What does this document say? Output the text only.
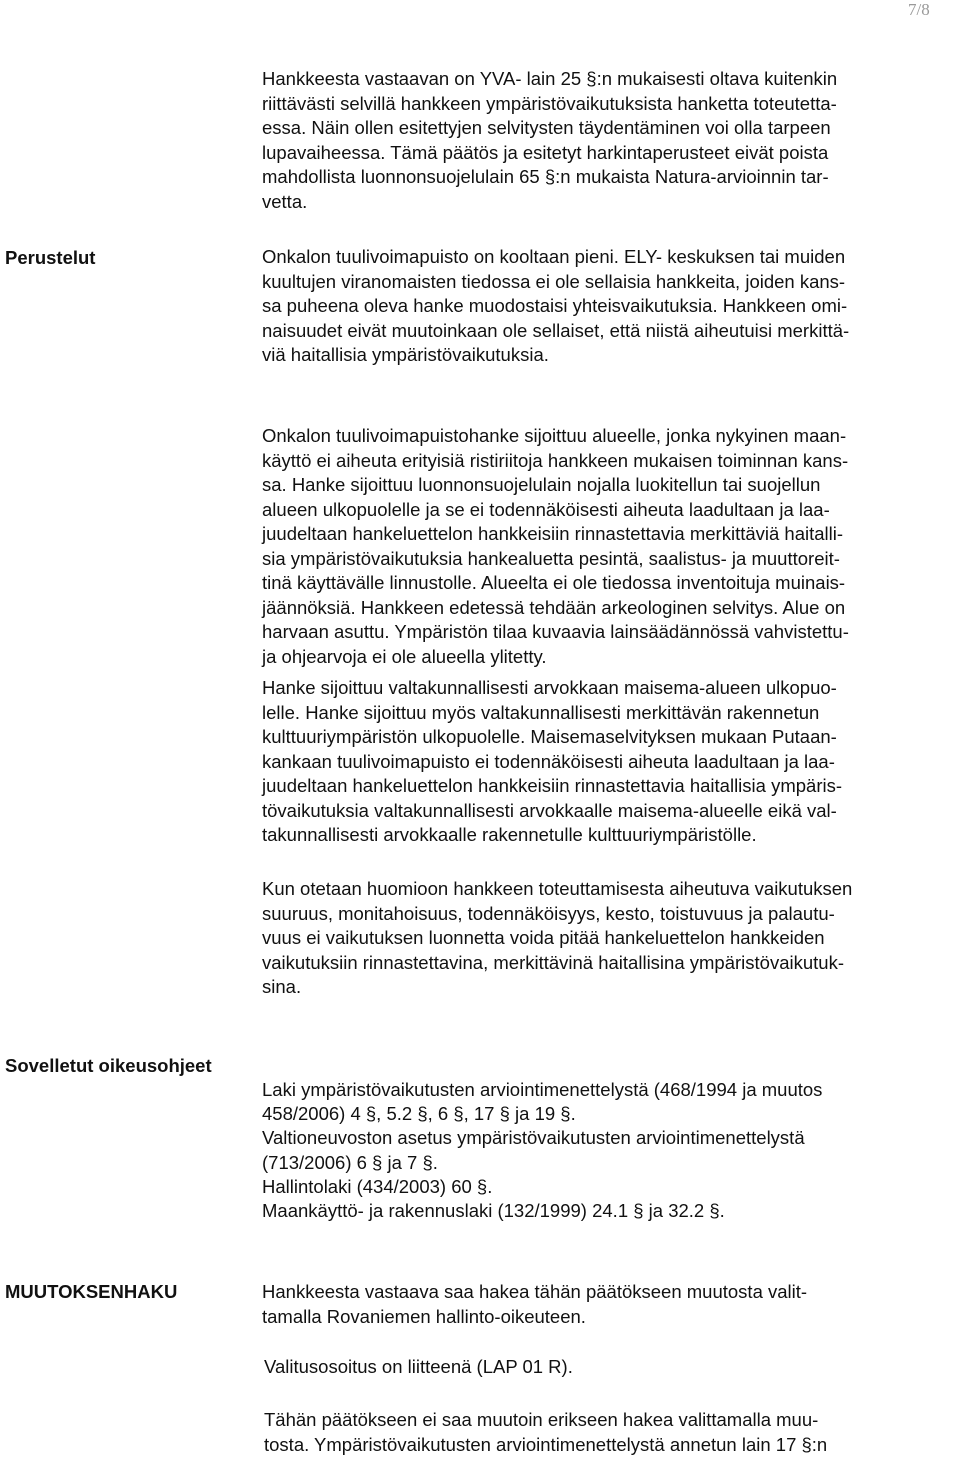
7/8
Hankkeesta vastaavan on YVA- lain 25 §:n mukaisesti oltava kuitenkin
riittävästi selvillä hankkeen ympäristövaikutuksista hanketta toteutetta-
essa. Näin ollen esitettyjen selvitysten täydentäminen voi olla tarpeen
lupavaiheessa. Tämä päätös ja esitetyt harkintaperusteet eivät poista
mahdollista luonnonsuojelulain 65 §:n mukaista Natura-arvioinnin tar-
vetta.
Perustelut	Onkalon tuulivoimapuisto on kooltaan pieni. ELY- keskuksen tai muiden
kuultujen viranomaisten tiedossa ei ole sellaisia hankkeita, joiden kans-
sa puheena oleva hanke muodostaisi yhteisvaikutuksia. Hankkeen omi-
naisuudet eivät muutoinkaan ole sellaiset, että niistä aiheutuisi merkittä-
viä haitallisia ympäristövaikutuksia.
Onkalon tuulivoimapuistohanke sijoittuu alueelle, jonka nykyinen maan-
käyttö ei aiheuta erityisiä ristiriitoja hankkeen mukaisen toiminnan kans-
sa. Hanke sijoittuu luonnonsuojelulain nojalla luokitellun tai suojellun
alueen ulkopuolelle ja se ei todennäköisesti aiheuta laadultaan ja laa-
juudeltaan hankeluettelon hankkeisiin rinnastettavia merkittäviä haitalli-
sia ympäristövaikutuksia hankealuetta pesintä, saalistus- ja muuttoreit-
tinä käyttävälle linnustolle. Alueelta ei ole tiedossa inventoituja muinais-
jäännöksiä. Hankkeen edetessä tehdään arkeologinen selvitys. Alue on
harvaan asuttu. Ympäristön tilaa kuvaavia lainsäädännössä vahvistettu-
ja ohjearvoja ei ole alueella ylitetty.
Hanke sijoittuu valtakunnallisesti arvokkaan maisema-alueen ulkopuo-
lelle. Hanke sijoittuu myös valtakunnallisesti merkittävän rakennetun
kulttuuriympäristön ulkopuolelle. Maisemaselvityksen mukaan Putaan-
kankaan tuulivoimapuisto ei todennäköisesti aiheuta laadultaan ja laa-
juudeltaan hankeluettelon hankkeisiin rinnastettavia haitallisia ympäris-
tövaikutuksia valtakunnallisesti arvokkaalle maisema-alueelle eikä val-
takunnallisesti arvokkaalle rakennetulle kulttuuriympäristölle.
Kun otetaan huomioon hankkeen toteuttamisesta aiheutuva vaikutuksen
suuruus, monitahoisuus, todennäköisyys, kesto, toistuvuus ja palautu-
vuus ei vaikutuksen luonnetta voida pitää hankeluettelon hankkeiden
vaikutuksiin rinnastettavina, merkittävinä haitallisina ympäristövaikutuk-
sina.
Sovelletut oikeusohjeet
Laki ympäristövaikutusten arviointimenettelystä (468/1994 ja muutos
458/2006) 4 §, 5.2 §, 6 §, 17 § ja 19 §.
Valtioneuvoston asetus ympäristövaikutusten arviointimenettelystä
(713/2006) 6 § ja 7 §.
Hallintolaki (434/2003) 60 §.
Maankäyttö- ja rakennuslaki (132/1999) 24.1 § ja 32.2 §.
MUUTOKSENHAKU	Hankkeesta vastaava saa hakea tähän päätökseen muutosta valit-
tamalla Rovaniemen hallinto-oikeuteen.
Valitusosoitus on liitteenä (LAP 01 R).
Tähän päätökseen ei saa muutoin erikseen hakea valittamalla muu-
tosta. Ympäristövaikutusten arviointimenettelystä annetun lain 17 §:n
